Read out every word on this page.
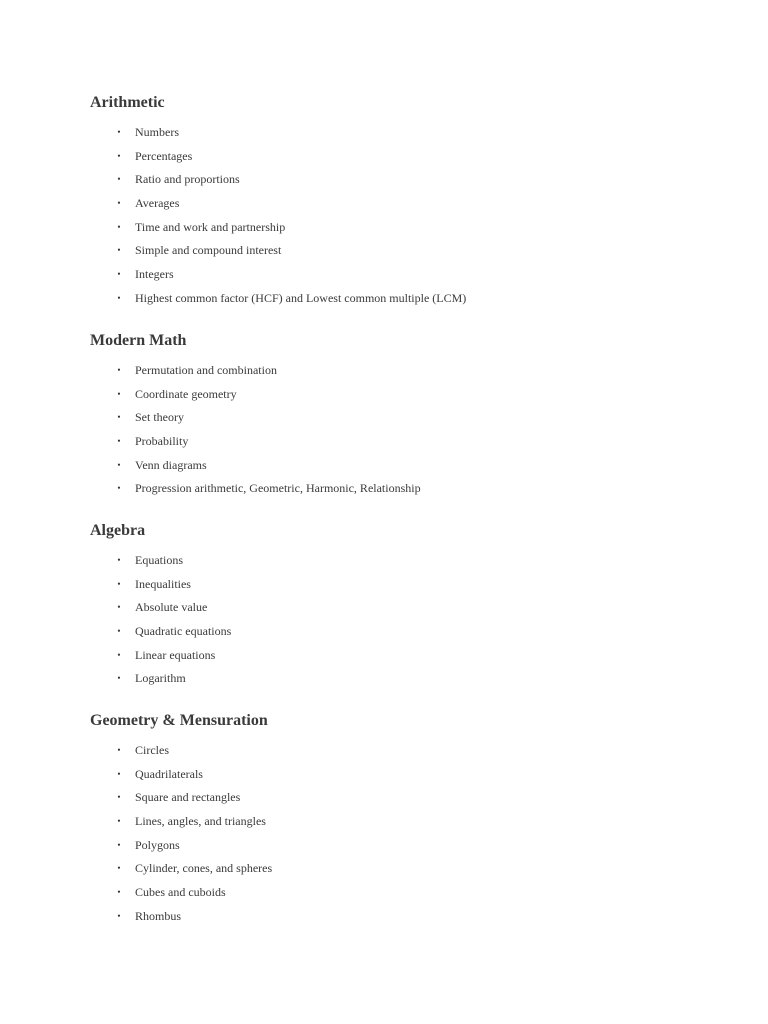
Arithmetic
• Numbers
• Percentages
• Ratio and proportions
• Averages
• Time and work and partnership
• Simple and compound interest
• Integers
• Highest common factor (HCF) and Lowest common multiple (LCM)
Modern Math
• Permutation and combination
• Coordinate geometry
• Set theory
• Probability
• Venn diagrams
• Progression arithmetic, Geometric, Harmonic, Relationship
Algebra
• Equations
• Inequalities
• Absolute value
• Quadratic equations
• Linear equations
• Logarithm
Geometry & Mensuration
• Circles
• Quadrilaterals
• Square and rectangles
• Lines, angles, and triangles
• Polygons
• Cylinder, cones, and spheres
• Cubes and cuboids
• Rhombus
